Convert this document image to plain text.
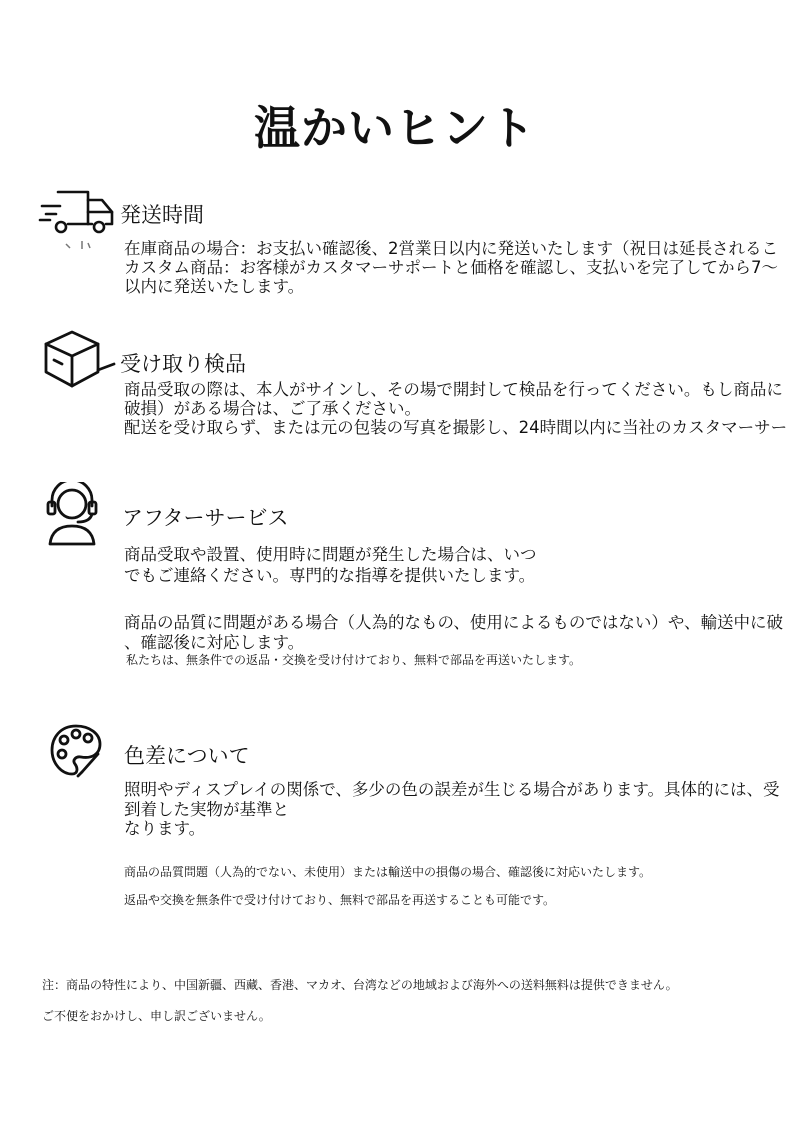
温かいヒント
発送時間
在庫商品の場合：お支払い確認後、2営業日以内に発送いたします（祝日は延長されるこ
カスタム商品：お客様がカスタマーサポートと価格を確認し、支払いを完了してから7〜
以内に発送いたします。
受け取り検品
商品受取の際は、本人がサインし、その場で開封して検品を行ってください。もし商品に
破損）がある場合は、ご了承ください。
配送を受け取らず、または元の包装の写真を撮影し、24時間以内に当社のカスタマーサー
アフターサービス
商品受取や設置、使用時に問題が発生した場合は、いつ
でもご連絡ください。専門的な指導を提供いたします。
商品の品質に問題がある場合（人為的なもの、使用によるものではない）や、輸送中に破
、確認後に対応します。
私たちは、無条件での返品・交換を受け付けており、無料で部品を再送いたします。
色差について
照明やディスプレイの関係で、多少の色の誤差が生じる場合があります。具体的には、受
到着した実物が基準と
なります。
商品の品質問題（人為的でない、未使用）または輸送中の損傷の場合、確認後に対応いたします。
返品や交換を無条件で受け付けており、無料で部品を再送することも可能です。
注：商品の特性により、中国新疆、西藏、香港、マカオ、台湾などの地域および海外への送料無料は提供できません。
ご不便をおかけし、申し訳ございません。
